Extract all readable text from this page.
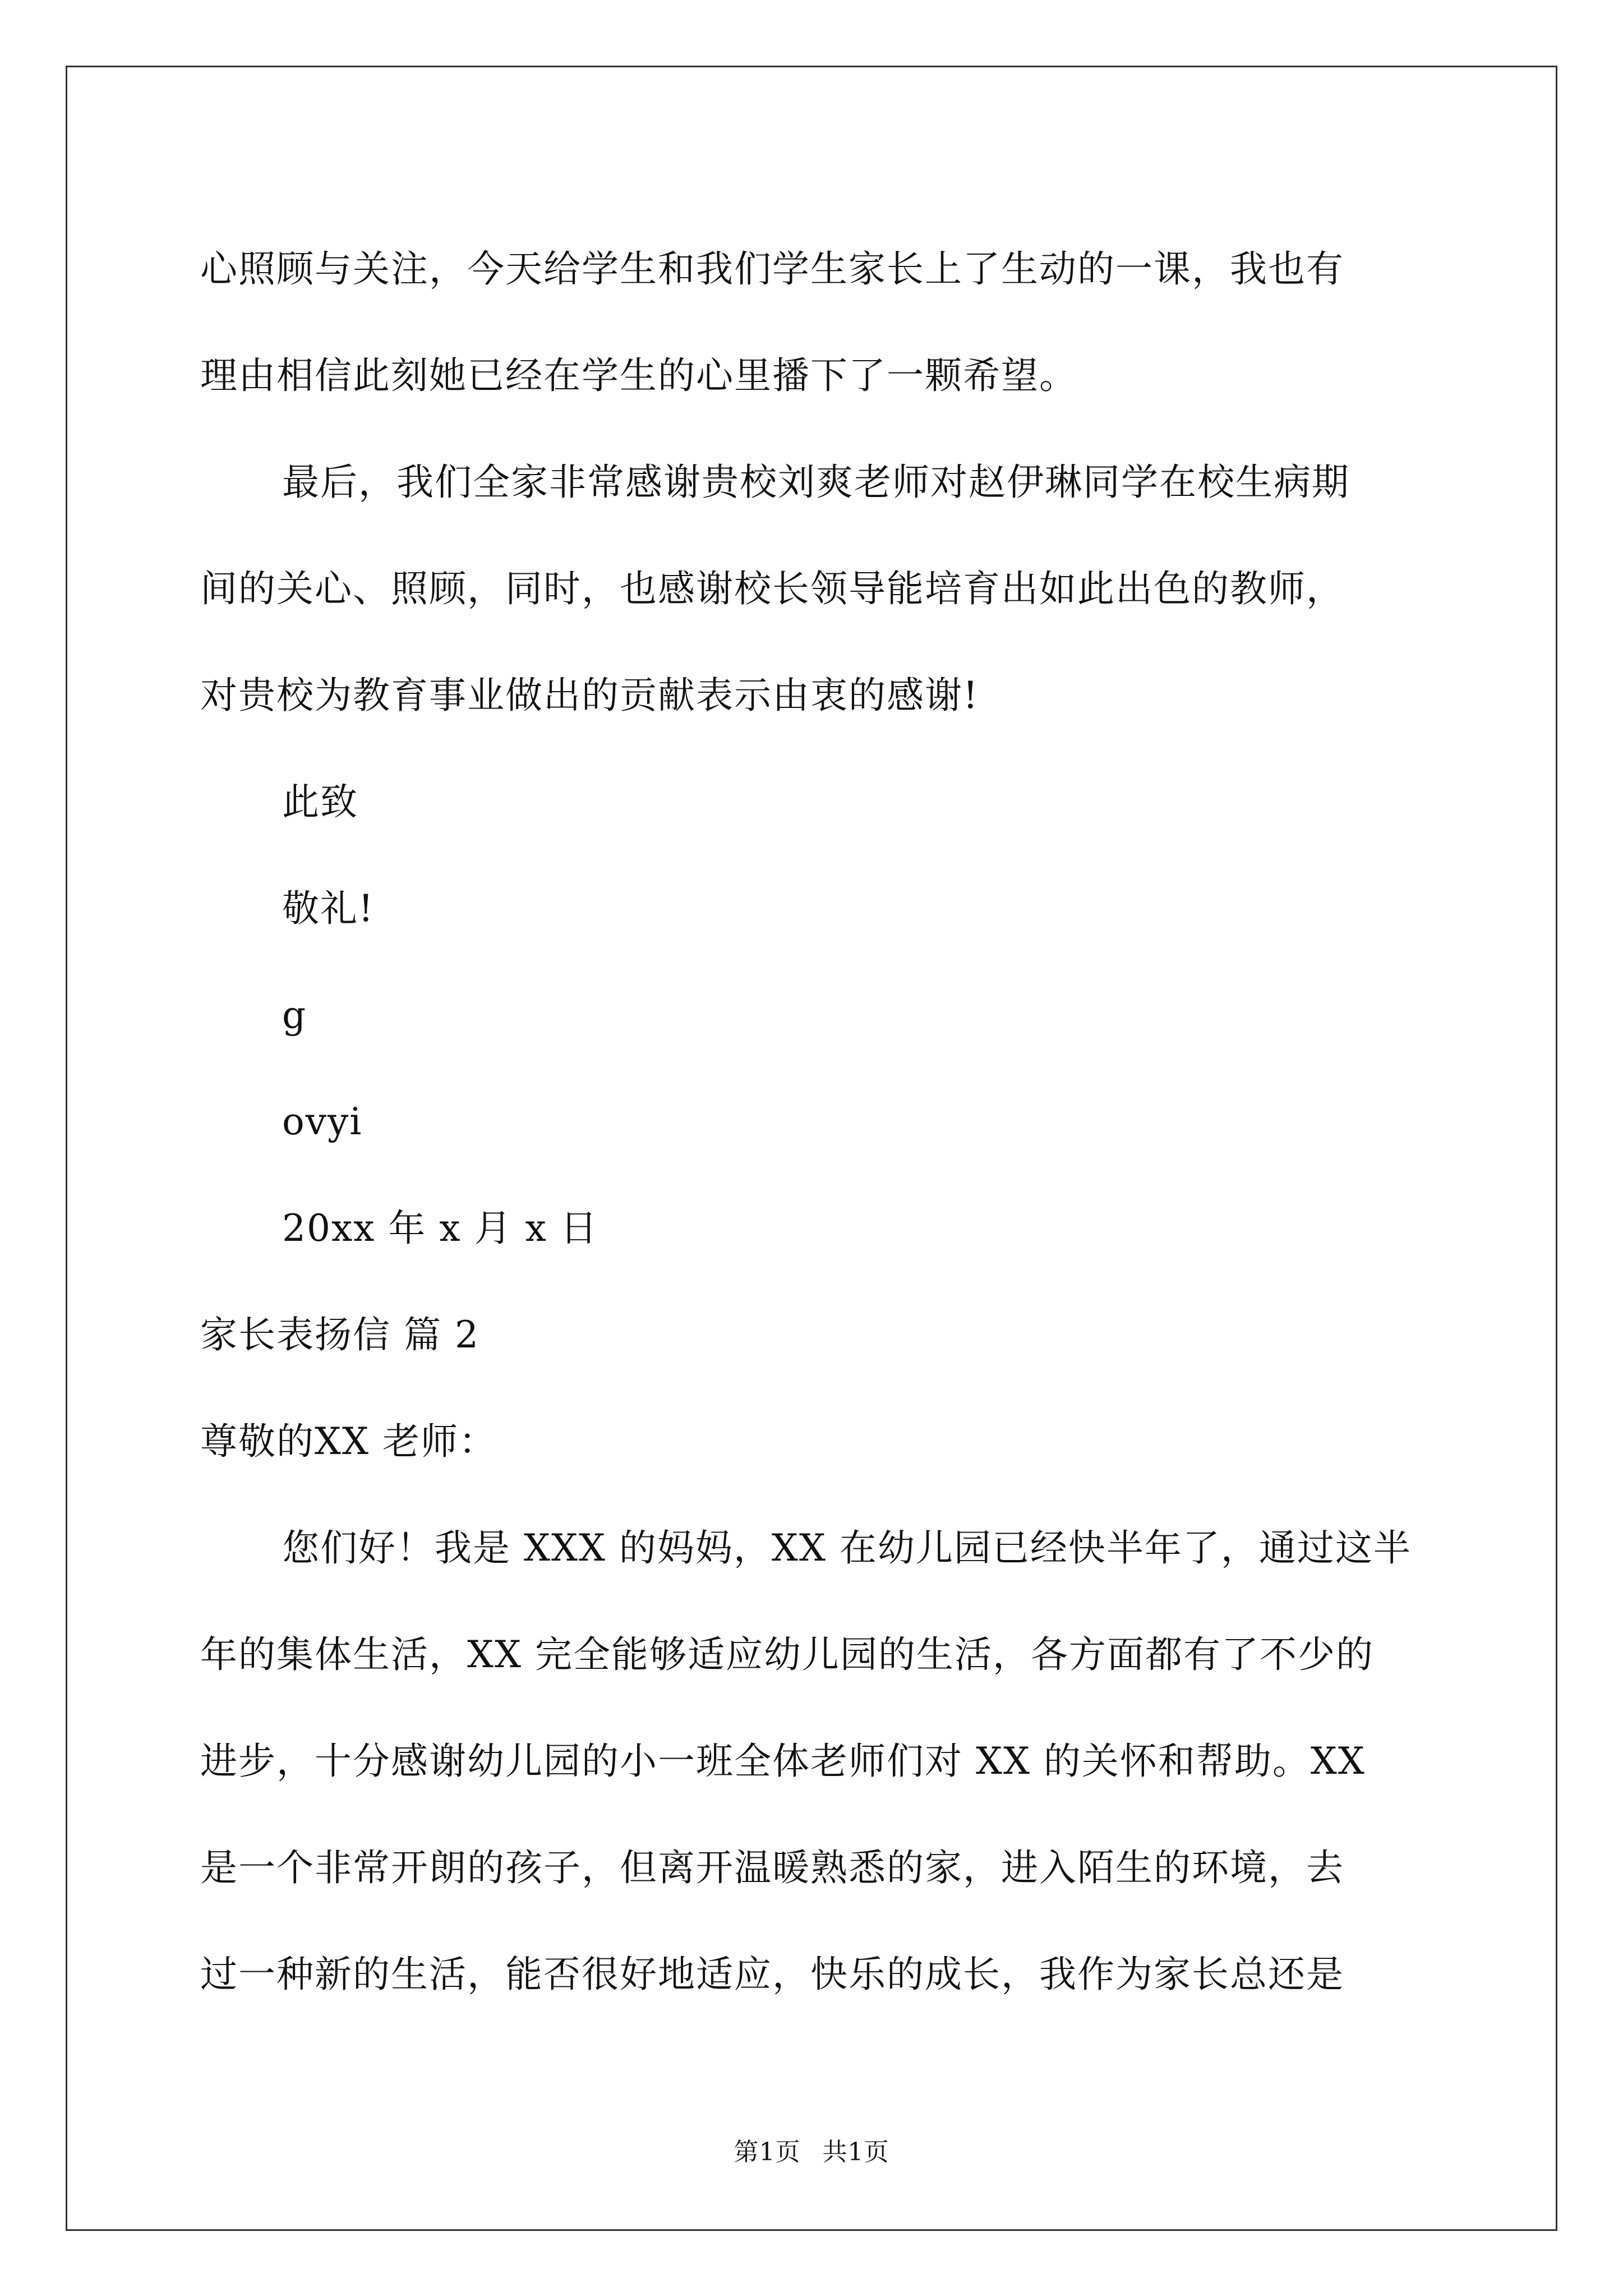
心照顾与关注，今天给学生和我们学生家长上了生动的一课，我也有
理由相信此刻她已经在学生的心里播下了一颗希望。
最后，我们全家非常感谢贵校刘爽老师对赵伊琳同学在校生病期
间的关心、照顾，同时，也感谢校长领导能培育出如此出色的教师，
对贵校为教育事业做出的贡献表示由衷的感谢!
此致
敬礼!
g
ovyi
20xx 年 x 月 x 日
家长表扬信 篇 2
尊敬的XX 老师：
您们好！我是 XXX 的妈妈，XX 在幼儿园已经快半年了，通过这半
年的集体生活，XX 完全能够适应幼儿园的生活，各方面都有了不少的
进步，十分感谢幼儿园的小一班全体老师们对 XX 的关怀和帮助。XX
是一个非常开朗的孩子，但离开温暖熟悉的家，进入陌生的环境，去
过一种新的生活，能否很好地适应，快乐的成长，我作为家长总还是
第1页 共1页
